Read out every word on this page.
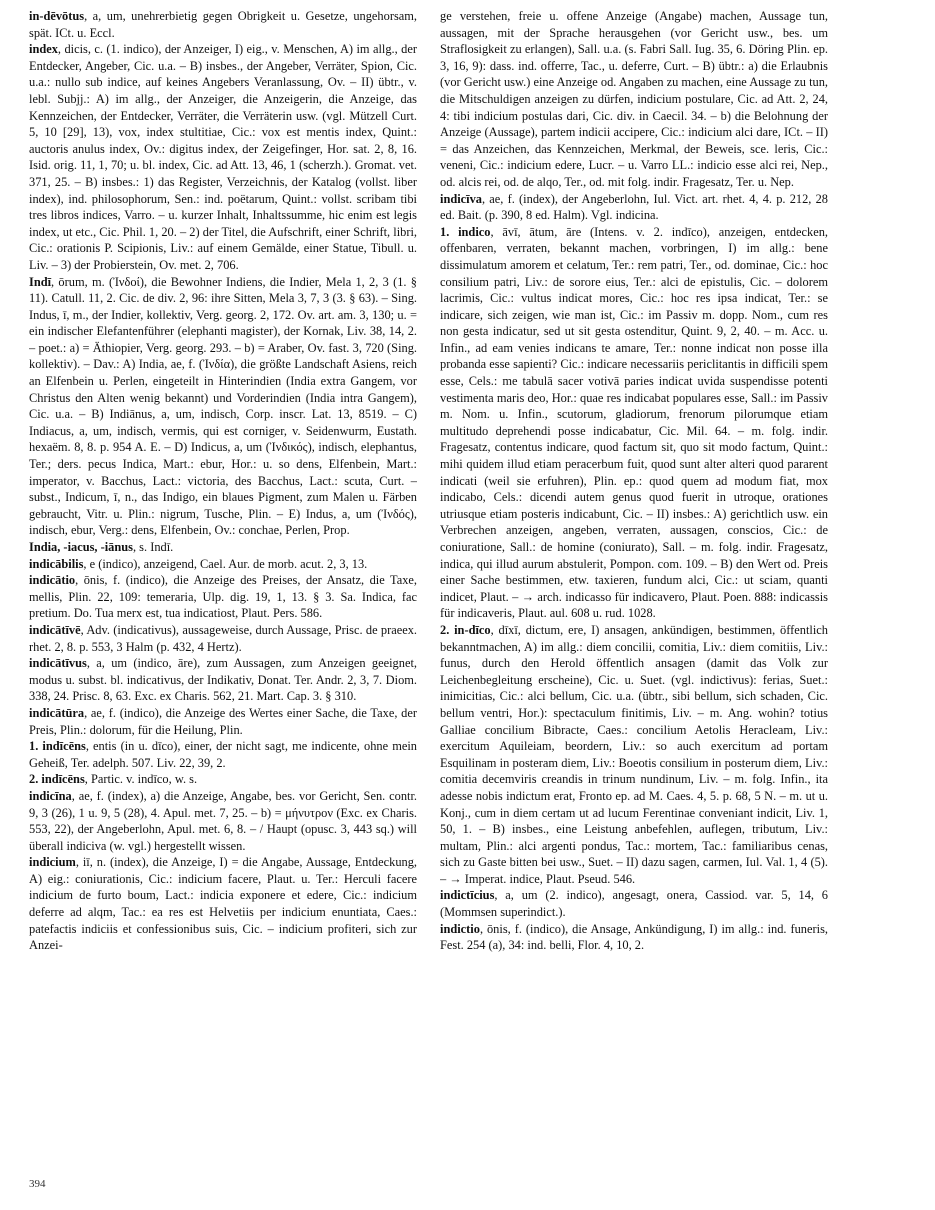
in-dēvōtus, a, um, unehrerbietig gegen Obrigkeit u. Gesetze, ungehorsam, spät. ICt. u. Eccl.

index, dicis, c. (1. indico), der Anzeiger, I) eig., v. Menschen, A) im allg., der Entdecker, Angeber, Cic. u.a. – B) insbes., der Angeber, Verräter, Spion, Cic. u.a.: nullo sub indice, auf keines Angebers Veranlassung, Ov. – II) übtr., v. lebl. Subjj.: A) im allg., der Anzeiger, die Anzeigerin, die Anzeige, das Kennzeichen, der Entdecker, Verräter, die Verräterin usw. (vgl. Mützell Curt. 5, 10 [29], 13), vox, index stultitiae, Cic.: vox est mentis index, Quint.: auctoris anulus index, Ov.: digitus index, der Zeigefinger, Hor. sat. 2, 8, 16. Isid. orig. 11, 1, 70; u. bl. index, Cic. ad Att. 13, 46, 1 (scherzh.). Gromat. vet. 371, 25. – B) insbes.: 1) das Register, Verzeichnis, der Katalog (vollst. liber index), ind. philosophorum, Sen.: ind. poëtarum, Quint.: vollst. scribam tibi tres libros indices, Varro. – u. kurzer Inhalt, Inhaltssumme, hic enim est legis index, ut etc., Cic. Phil. 1, 20. – 2) der Titel, die Aufschrift, einer Schrift, libri, Cic.: orationis P. Scipionis, Liv.: auf einem Gemälde, einer Statue, Tibull. u. Liv. – 3) der Probierstein, Ov. met. 2, 706.

Indī, ōrum, m. (Ἰνδοί), die Bewohner Indiens, die Indier, Mela 1, 2, 3 (1. § 11). Catull. 11, 2. Cic. de div. 2, 96: ihre Sitten, Mela 3, 7, 3 (3. § 63). – Sing. Indus, ī, m., der Indier, kollektiv, Verg. georg. 2, 172. Ov. art. am. 3, 130; u. = ein indischer Elefantenführer (elephanti magister), der Kornak, Liv. 38, 14, 2. – poet.: a) = Äthiopier, Verg. georg. 293. – b) = Araber, Ov. fast. 3, 720 (Sing. kollektiv). – Dav.: A) India, ae, f. (Ἰνδία), die größte Landschaft Asiens, reich an Elfenbein u. Perlen, eingeteilt in Hinterindien (India extra Gangem, vor Christus den Alten wenig bekannt) und Vorderindien (India intra Gangem), Cic. u.a. – B) Indiānus, a, um, indisch, Corp. inscr. Lat. 13, 8519. – C) Indiacus, a, um, indisch, vermis, qui est corniger, v. Seidenwurm, Eustath. hexaëm. 8, 8. p. 954 A. E. – D) Indicus, a, um (Ἰνδικός), indisch, elephantus, Ter.; ders. pecus Indica, Mart.: ebur, Hor.: u. so dens, Elfenbein, Mart.: imperator, v. Bacchus, Lact.: victoria, des Bacchus, Lact.: scuta, Curt. – subst., Indicum, ī, n., das Indigo, ein blaues Pigment, zum Malen u. Färben gebraucht, Vitr. u. Plin.: nigrum, Tusche, Plin. – E) Indus, a, um (Ἰνδός), indisch, ebur, Verg.: dens, Elfenbein, Ov.: conchae, Perlen, Prop.

India, -iacus, -iānus, s. Indī.

indicābilis, e (indico), anzeigend, Cael. Aur. de morb. acut. 2, 3, 13.

indicātio, ōnis, f. (indico), die Anzeige des Preises, der Ansatz, die Taxe, mellis, Plin. 22, 109: temeraria, Ulp. dig. 19, 1, 13. § 3. Sa. Indica, fac pretium. Do. Tua merx est, tua indicatiost, Plaut. Pers. 586.

indicātīvē, Adv. (indicativus), aussageweise, durch Aussage, Prisc. de praeex. rhet. 2, 8. p. 553, 3 Halm (p. 432, 4 Hertz).

indicātīvus, a, um (indico, āre), zum Aussagen, zum Anzeigen geeignet, modus u. subst. bl. indicativus, der Indikativ, Donat. Ter. Andr. 2, 3, 7. Diom. 338, 24. Prisc. 8, 63. Exc. ex Charis. 562, 21. Mart. Cap. 3. § 310.

indicātūra, ae, f. (indico), die Anzeige des Wertes einer Sache, die Taxe, der Preis, Plin.: dolorum, für die Heilung, Plin.

1. indīcēns, entis (in u. dīco), einer, der nicht sagt, me indicente, ohne mein Geheiß, Ter. adelph. 507. Liv. 22, 39, 2.

2. indīcēns, Partic. v. indīco, w. s.

indicīna, ae, f. (index), a) die Anzeige, Angabe, bes. vor Gericht, Sen. contr. 9, 3 (26), 1 u. 9, 5 (28), 4. Apul. met. 7, 25. – b) = μήνυτρον (Exc. ex Charis. 553, 22), der Angeberlohn, Apul. met. 6, 8. – / Haupt (opusc. 3, 443 sq.) will überall indiciva (w. vgl.) hergestellt wissen.

indicium, iī, n. (index), die Anzeige, I) = die Angabe, Aussage, Entdeckung, A) eig.: coniurationis, Cic.: indicium facere, Plaut. u. Ter.: Herculi facere indicium de furto boum, Lact.: indicia exponere et edere, Cic.: indicium deferre ad alqm, Tac.: ea res est Helvetiis per indicium enuntiata, Caes.: patefactis indiciis et confessionibus suis, Cic. – indicium profiteri, sich zur Anzei-

ge verstehen, freie u. offene Anzeige (Angabe) machen, Aussage tun, aussagen, mit der Sprache herausgehen (vor Gericht usw., bes. um Straflosigkeit zu erlangen), Sall. u.a. (s. Fabri Sall. Iug. 35, 6. Döring Plin. ep. 3, 16, 9): dass. ind. offerre, Tac., u. deferre, Curt. – B) übtr.: a) die Erlaubnis (vor Gericht usw.) eine Anzeige od. Angaben zu machen, eine Aussage zu tun, die Mitschuldigen anzeigen zu dürfen, indicium postulare, Cic. ad Att. 2, 24, 4: tibi indicium postulas dari, Cic. div. in Caecil. 34. – b) die Belohnung der Anzeige (Aussage), partem indicii accipere, Cic.: indicium alci dare, ICt. – II) = das Anzeichen, das Kennzeichen, Merkmal, der Beweis, sce. leris, Cic.: veneni, Cic.: indicium edere, Lucr. – u. Varro LL.: indicio esse alci rei, Nep., od. alcis rei, od. de alqo, Ter., od. mit folg. indir. Fragesatz, Ter. u. Nep.

indicīva, ae, f. (index), der Angeberlohn, Iul. Vict. art. rhet. 4, 4. p. 212, 28 ed. Bait. (p. 390, 8 ed. Halm). Vgl. indicina.

1. indico, āvī, ātum, āre (Intens. v. 2. indīco), anzeigen, entdecken, offenbaren, verraten, bekannt machen, vorbringen, I) im allg.: bene dissimulatum amorem et celatum, Ter.: rem patri, Ter., od. dominae, Cic.: hoc consilium patri, Liv.: de sorore eius, Ter.: alci de epistulis, Cic. – dolorem lacrimis, Cic.: vultus indicat mores, Cic.: hoc res ipsa indicat, Ter.: se indicare, sich zeigen, wie man ist, Cic.: im Passiv m. dopp. Nom., cum res non gesta indicatur, sed ut sit gesta ostenditur, Quint. 9, 2, 40. – m. Acc. u. Infin., ad eam venies indicans te amare, Ter.: nonne indicat non posse illa probanda esse sapienti? Cic.: indicare necessariis periclitantis in difficili spem esse, Cels.: me tabulā sacer votivā paries indicat uvida suspendisse potenti vestimenta maris deo, Hor.: quae res indicabat populares esse, Sall.: im Passiv m. Nom. u. Infin., scutorum, gladiorum, frenorum pilorumque etiam multitudo deprehendi posse indicabatur, Cic. Mil. 64. – m. folg. indir. Fragesatz, contentus indicare, quod factum sit, quo sit modo factum, Quint.: mihi quidem illud etiam peracerbum fuit, quod sunt alter alteri quod pararent indicati (weil sie erfuhren), Plin. ep.: quod quem ad modum fiat, mox indicabo, Cels.: dicendi autem genus quod fuerit in utroque, orationes utriusque etiam posteris indicabunt, Cic. – II) insbes.: A) gerichtlich usw. ein Verbrechen anzeigen, angeben, verraten, aussagen, conscios, Cic.: de coniuratione, Sall.: de homine (coniurato), Sall. – m. folg. indir. Fragesatz, indica, qui illud aurum abstulerit, Pompon. com. 109. – B) den Wert od. Preis einer Sache bestimmen, etw. taxieren, fundum alci, Cic.: ut sciam, quanti indicet, Plaut. – → arch. indicasso für indicavero, Plaut. Poen. 888: indicassis für indicaveris, Plaut. aul. 608 u. rud. 1028.

2. in-dīco, dīxī, dictum, ere, I) ansagen, ankündigen, bestimmen, öffentlich bekanntmachen, A) im allg.: diem concilii, comitia, Liv.: diem comitiis, Liv.: funus, durch den Herold öffentlich ansagen (damit das Volk zur Leichenbegleitung erscheine), Cic. u. Suet. (vgl. indictivus): ferias, Suet.: inimicitias, Cic.: alci bellum, Cic. u.a. (übtr., sibi bellum, sich schaden, Cic. bellum ventri, Hor.): spectaculum finitimis, Liv. – m. Ang. wohin? totius Galliae concilium Bibracte, Caes.: concilium Aetolis Heracleam, Liv.: exercitum Aquileiam, beordern, Liv.: so auch exercitum ad portam Esquilinam in posteram diem, Liv.: Boeotis consilium in posterum diem, Liv.: comitia decemviris creandis in trinum nundinum, Liv. – m. folg. Infin., ita adesse nobis indictum erat, Fronto ep. ad M. Caes. 4, 5. p. 68, 5 N. – m. ut u. Konj., cum in diem certam ut ad lucum Ferentinae conveniant indicit, Liv. 1, 50, 1. – B) insbes., eine Leistung anbefehlen, auflegen, tributum, Liv.: multam, Plin.: alci argenti pondus, Tac.: mortem, Tac.: familiaribus cenas, sich zu Gaste bitten bei usw., Suet. – II) dazu sagen, carmen, Iul. Val. 1, 4 (5). – → Imperat. indice, Plaut. Pseud. 546.

indictīcius, a, um (2. indico), angesagt, onera, Cassiod. var. 5, 14, 6 (Mommsen superindict.).

indictio, ōnis, f. (indico), die Ansage, Ankündigung, I) im allg.: ind. funeris, Fest. 254 (a), 34: ind. belli, Flor. 4, 10, 2.

394
